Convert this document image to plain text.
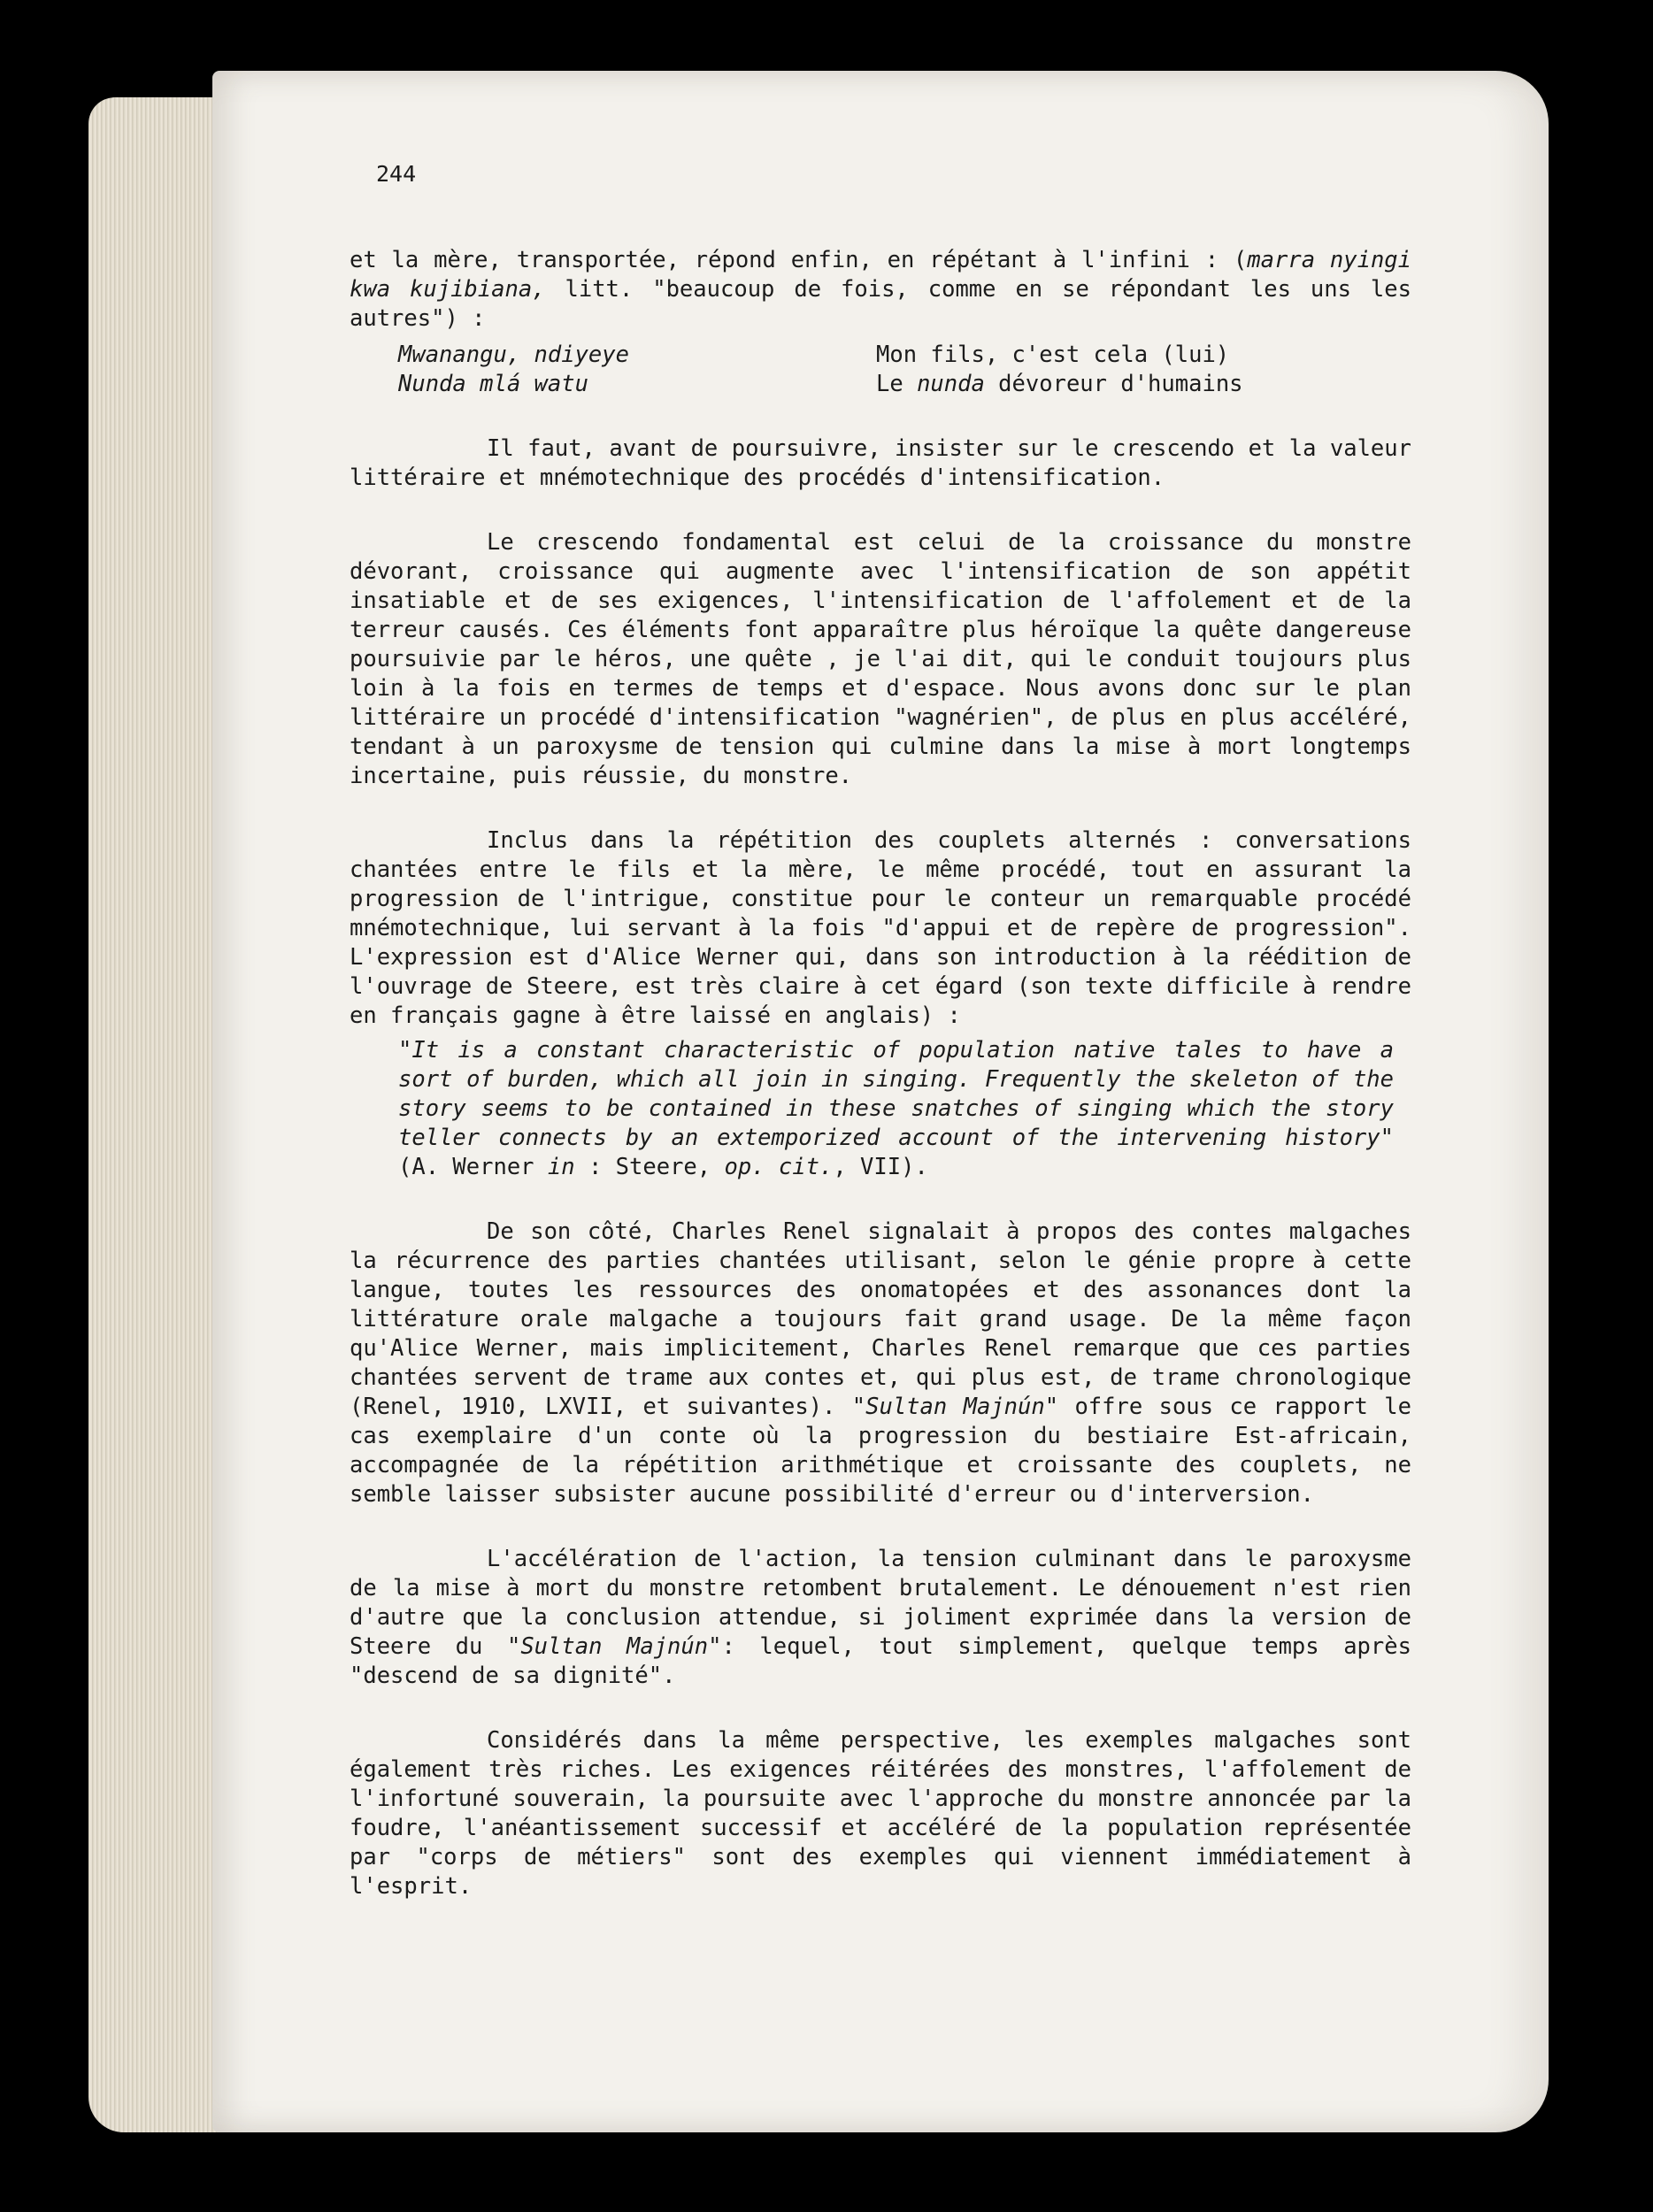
244

et la mère, transportée, répond enfin, en répétant à l'infini : (marra nyingi kwa kujibiana, litt. "beaucoup de fois, comme en se répondant les uns les autres") :

Mwanangu, ndiyeye	Mon fils, c'est cela (lui)
Nunda mlá watu	Le nunda dévoreur d'humains

Il faut, avant de poursuivre, insister sur le crescendo et la valeur littéraire et mnémotechnique des procédés d'intensification.

Le crescendo fondamental est celui de la croissance du monstre dévorant, croissance qui augmente avec l'intensification de son appétit insatiable et de ses exigences, l'intensification de l'affolement et de la terreur causés. Ces éléments font apparaître plus héroïque la quête dangereuse poursuivie par le héros, une quête , je l'ai dit, qui le conduit toujours plus loin à la fois en termes de temps et d'espace. Nous avons donc sur le plan littéraire un procédé d'intensification "wagnérien", de plus en plus accéléré, tendant à un paroxysme de tension qui culmine dans la mise à mort longtemps incertaine, puis réussie, du monstre.

Inclus dans la répétition des couplets alternés : conversations chantées entre le fils et la mère, le même procédé, tout en assurant la progression de l'intrigue, constitue pour le conteur un remarquable procédé mnémotechnique, lui servant à la fois "d'appui et de repère de progression". L'expression est d'Alice Werner qui, dans son introduction à la réédition de l'ouvrage de Steere, est très claire à cet égard (son texte difficile à rendre en français gagne à être laissé en anglais) :

"It is a constant characteristic of population native tales to have a sort of burden, which all join in singing. Frequently the skeleton of the story seems to be contained in these snatches of singing which the story teller connects by an extemporized account of the intervening history" (A. Werner in : Steere, op. cit., VII).

De son côté, Charles Renel signalait à propos des contes malgaches la récurrence des parties chantées utilisant, selon le génie propre à cette langue, toutes les ressources des onomatopées et des assonances dont la littérature orale malgache a toujours fait grand usage. De la même façon qu'Alice Werner, mais implicitement, Charles Renel remarque que ces parties chantées servent de trame aux contes et, qui plus est, de trame chronologique (Renel, 1910, LXVII, et suivantes). "Sultan Majnún" offre sous ce rapport le cas exemplaire d'un conte où la progression du bestiaire Est-africain, accompagnée de la répétition arithmétique et croissante des couplets, ne semble laisser subsister aucune possibilité d'erreur ou d'interversion.

L'accélération de l'action, la tension culminant dans le paroxysme de la mise à mort du monstre retombent brutalement. Le dénouement n'est rien d'autre que la conclusion attendue, si joliment exprimée dans la version de Steere du "Sultan Majnún": lequel, tout simplement, quelque temps après "descend de sa dignité".

Considérés dans la même perspective, les exemples malgaches sont également très riches. Les exigences réitérées des monstres, l'affolement de l'infortuné souverain, la poursuite avec l'approche du monstre annoncée par la foudre, l'anéantissement successif et accéléré de la population représentée par "corps de métiers" sont des exemples qui viennent immédiatement à l'esprit.
